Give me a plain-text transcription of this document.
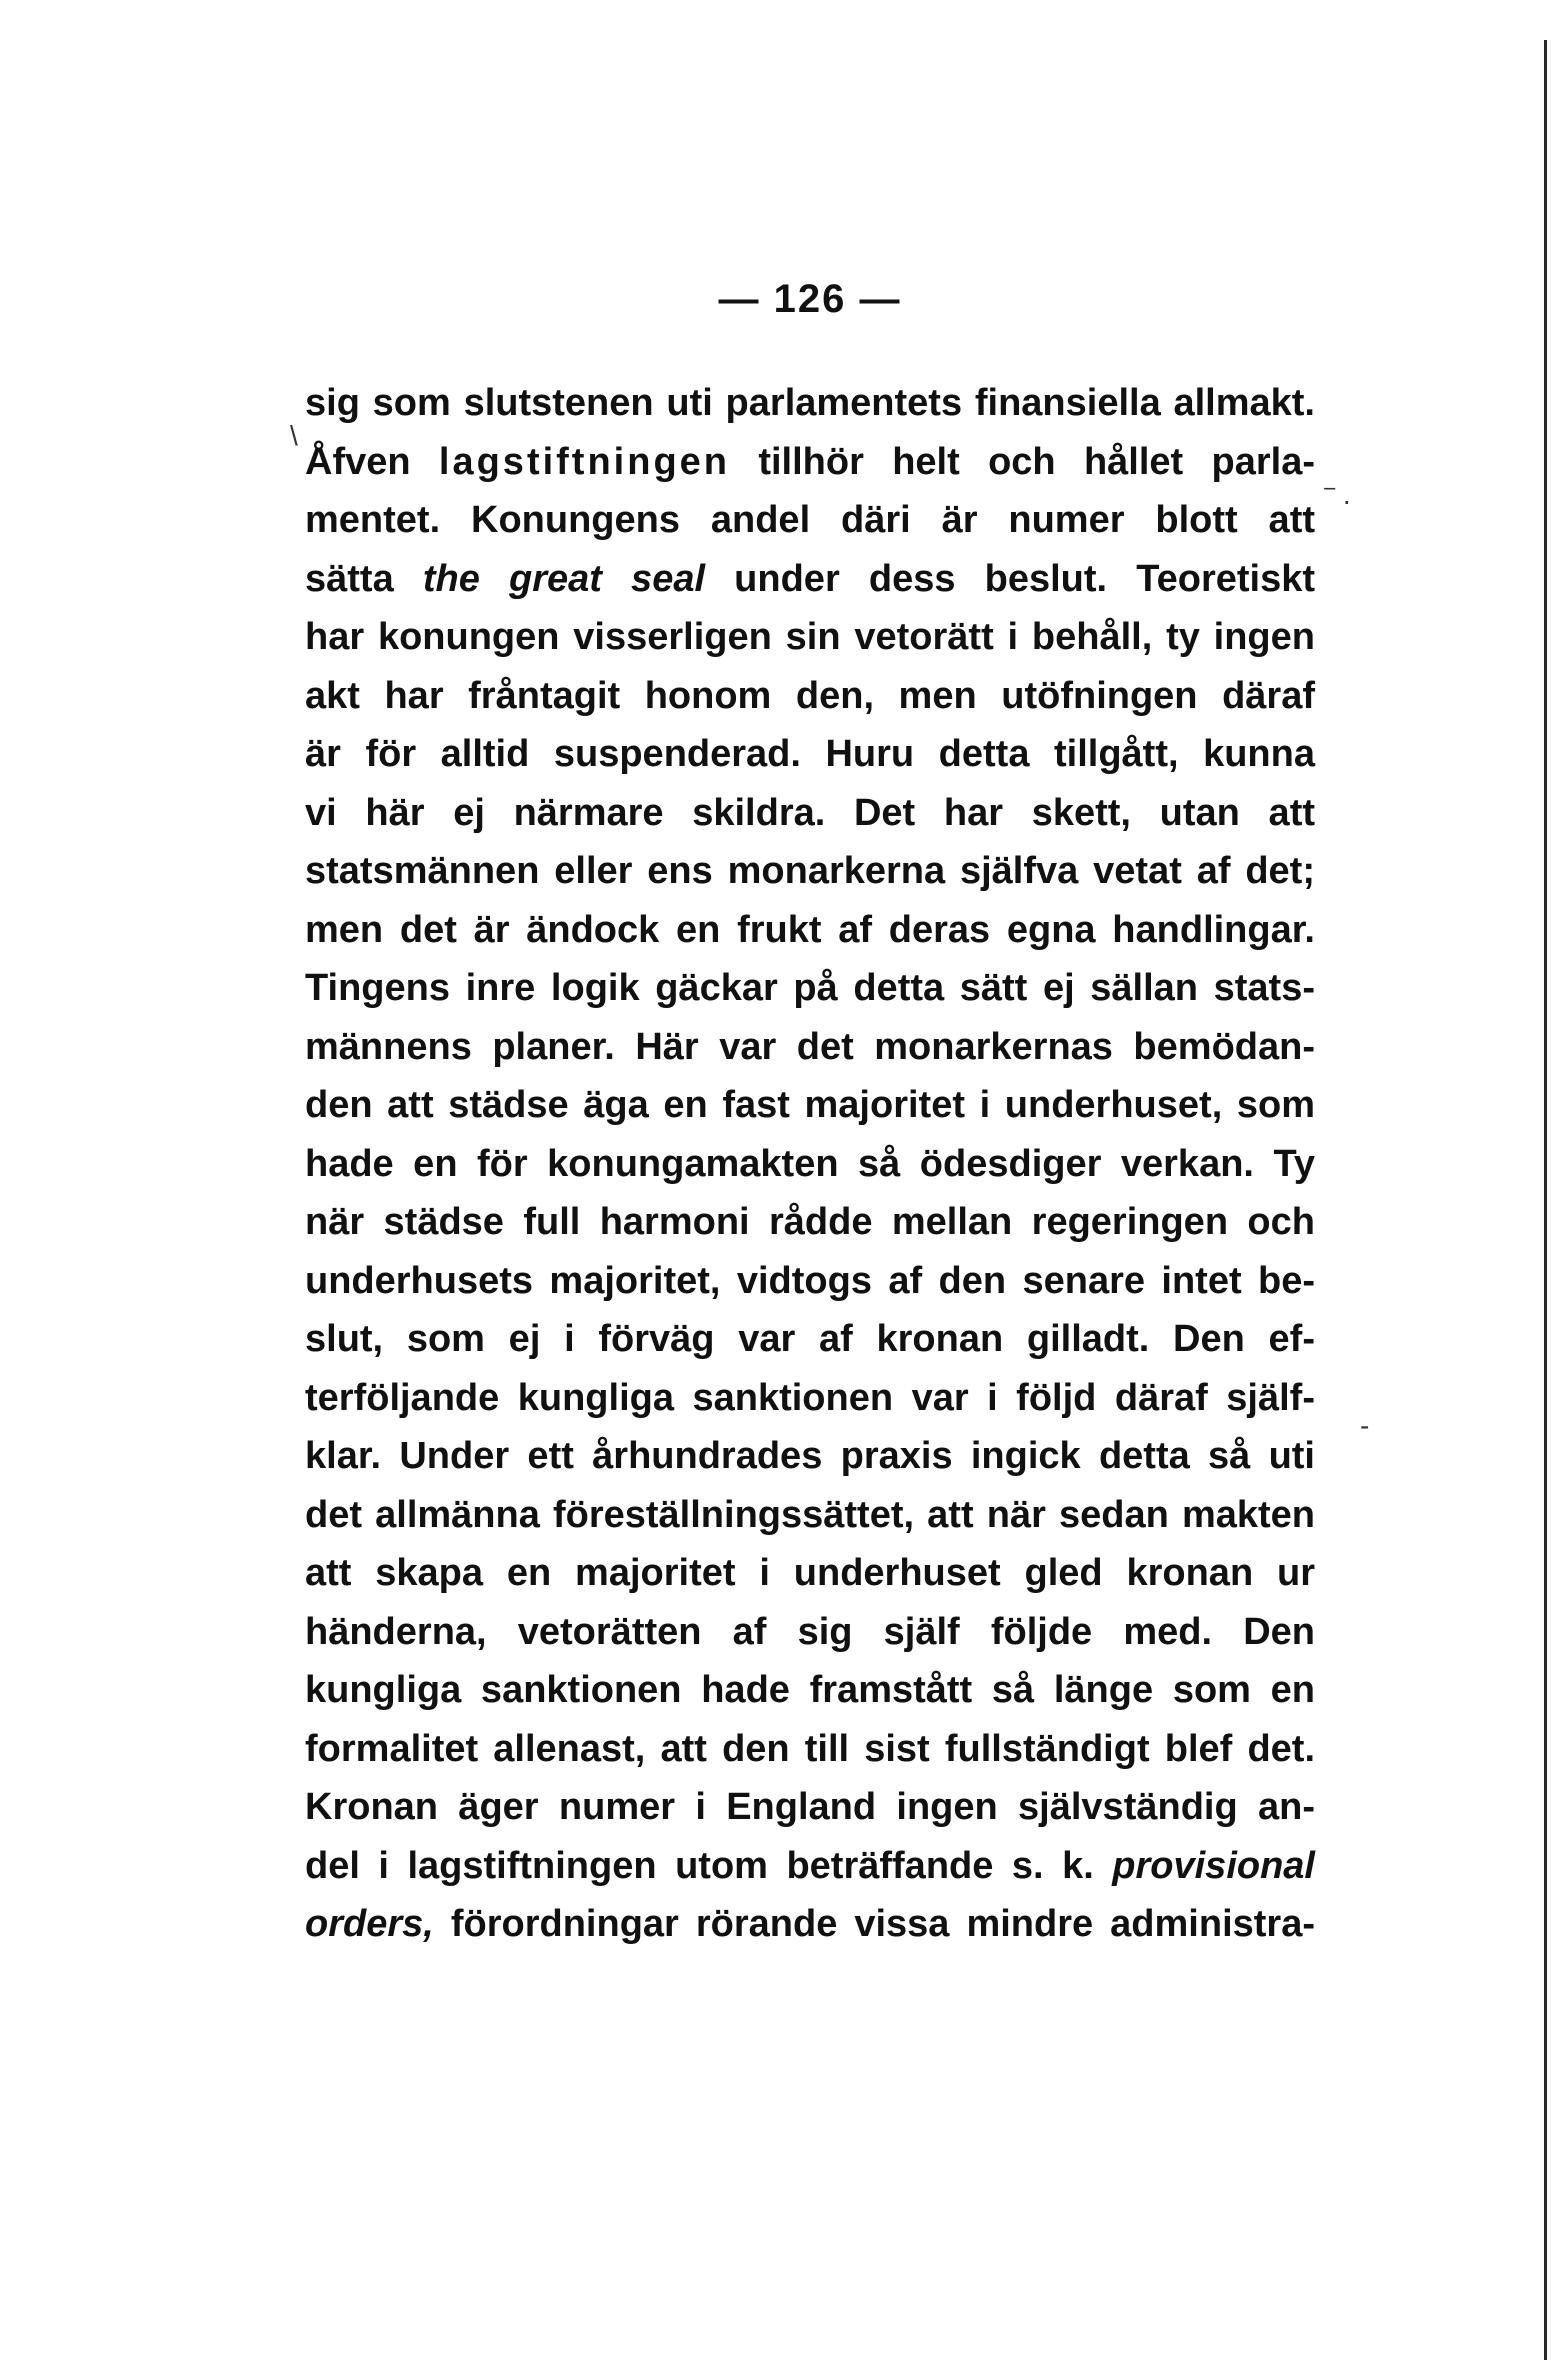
\
‾ ·
-
— 126 —
sig som slutstenen uti parlamentets finansiella allmakt.
Åfven lagstiftningen tillhör helt och hållet parla-
mentet. Konungens andel däri är numer blott att
sätta the great seal under dess beslut. Teoretiskt
har konungen visserligen sin vetorätt i behåll, ty ingen
akt har fråntagit honom den, men utöfningen däraf
är för alltid suspenderad. Huru detta tillgått, kunna
vi här ej närmare skildra. Det har skett, utan att
statsmännen eller ens monarkerna själfva vetat af det;
men det är ändock en frukt af deras egna handlingar.
Tingens inre logik gäckar på detta sätt ej sällan stats-
männens planer. Här var det monarkernas bemödan-
den att städse äga en fast majoritet i underhuset, som
hade en för konungamakten så ödesdiger verkan. Ty
när städse full harmoni rådde mellan regeringen och
underhusets majoritet, vidtogs af den senare intet be-
slut, som ej i förväg var af kronan gilladt. Den ef-
terföljande kungliga sanktionen var i följd däraf själf-
klar. Under ett århundrades praxis ingick detta så uti
det allmänna föreställningssättet, att när sedan makten
att skapa en majoritet i underhuset gled kronan ur
händerna, vetorätten af sig själf följde med. Den
kungliga sanktionen hade framstått så länge som en
formalitet allenast, att den till sist fullständigt blef det.
Kronan äger numer i England ingen självständig an-
del i lagstiftningen utom beträffande s. k. provisional
orders, förordningar rörande vissa mindre administra-
